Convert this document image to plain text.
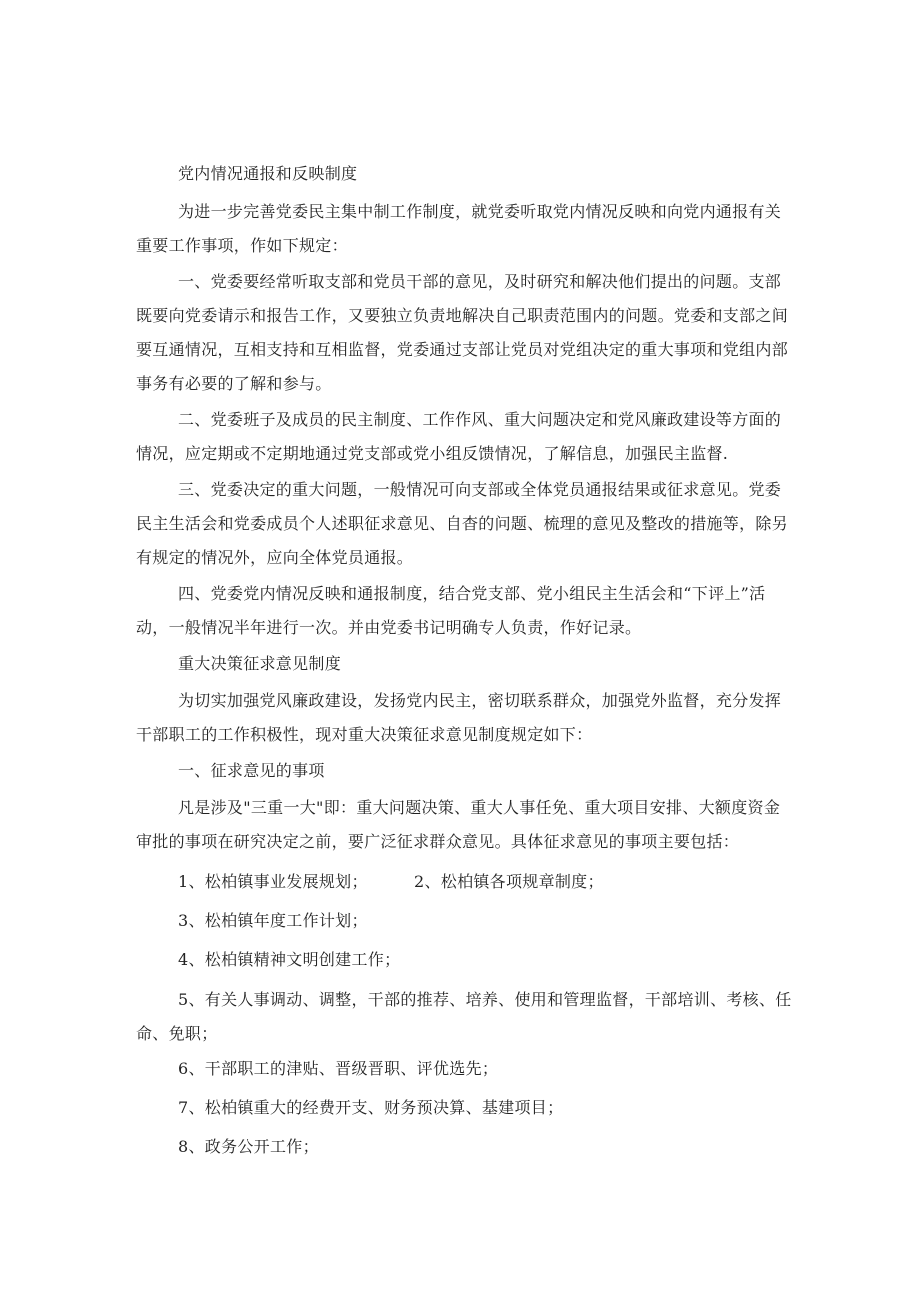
党内情况通报和反映制度

为进一步完善党委民主集中制工作制度，就党委听取党内情况反映和向党内通报有关重要工作事项，作如下规定：

一、党委要经常听取支部和党员干部的意见，及时研究和解决他们提出的问题。支部既要向党委请示和报告工作，又要独立负责地解决自己职责范围内的问题。党委和支部之间要互通情况，互相支持和互相监督，党委通过支部让党员对党组决定的重大事项和党组内部事务有必要的了解和参与。

二、党委班子及成员的民主制度、工作作风、重大问题决定和党风廉政建设等方面的情况，应定期或不定期地通过党支部或党小组反馈情况，了解信息，加强民主监督.

三、党委决定的重大问题，一般情况可向支部或全体党员通报结果或征求意见。党委民主生活会和党委成员个人述职征求意见、自杳的问题、梳理的意见及整改的措施等，除另有规定的情况外，应向全体党员通报。

四、党委党内情况反映和通报制度，结合党支部、党小组民主生活会和“下评上”活动，一般情况半年进行一次。并由党委书记明确专人负责，作好记录。

重大决策征求意见制度

为切实加强党风廉政建设，发扬党内民主，密切联系群众，加强党外监督，充分发挥干部职工的工作积极性，现对重大决策征求意见制度规定如下：

一、征求意见的事项

凡是涉及"三重一大"即：重大问题决策、重大人事任免、重大项目安排、大额度资金审批的事项在研究决定之前，要广泛征求群众意见。具体征求意见的事项主要包括：

1、松柏镇事业发展规划；	2、松柏镇各项规章制度；

3、松柏镇年度工作计划；

4、松柏镇精神文明创建工作；

5、有关人事调动、调整，干部的推荐、培养、使用和管理监督，干部培训、考核、任命、免职；

6、干部职工的津贴、晋级晋职、评优选先；

7、松柏镇重大的经费开支、财务预决算、基建项目；

8、政务公开工作；
